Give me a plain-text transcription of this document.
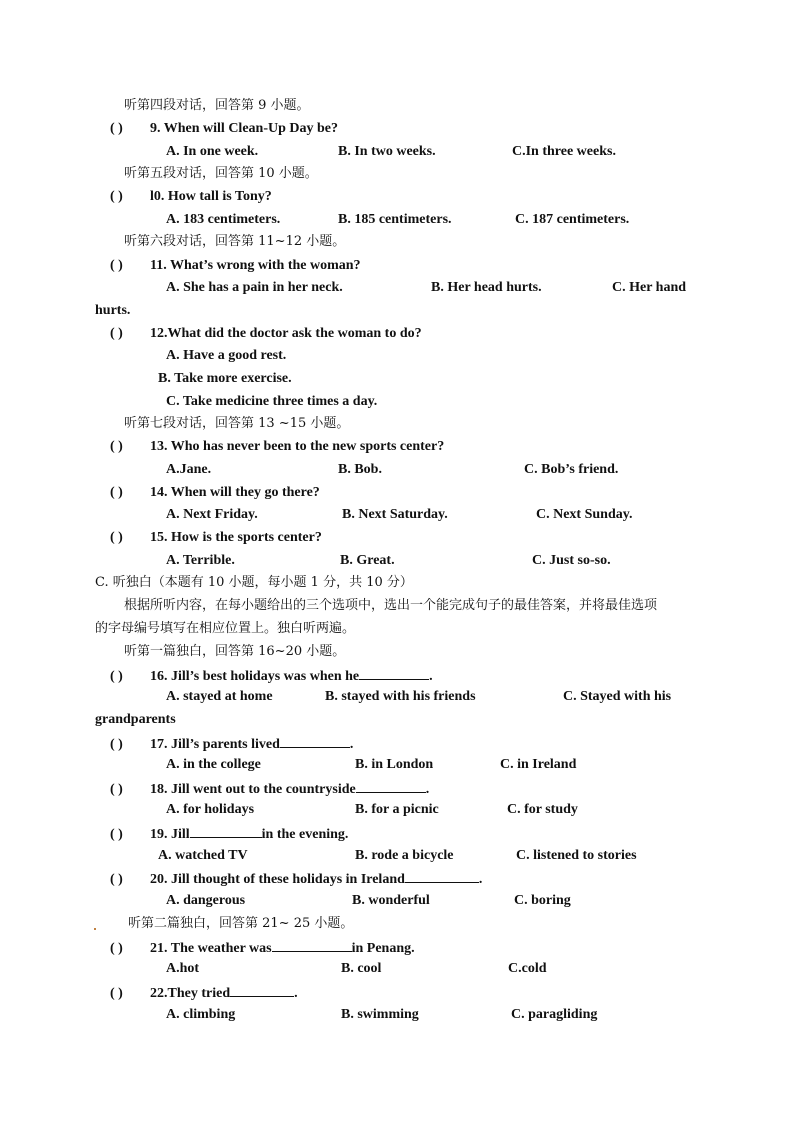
听第四段对话，回答第 9 小题。
( ) 9. When will Clean-Up Day be?
A. In one week.	B. In two weeks.	C.In three weeks.
听第五段对话，回答第 10 小题。
( ) l0. How tall is Tony?
A. 183 centimeters.	B. 185 centimeters.	C. 187 centimeters.
听第六段对话，回答第 11~12 小题。
( ) 11. What’s wrong with the woman?
A. She has a pain in her neck.	B. Her head hurts.	C. Her hand
hurts.
( ) 12.What did the doctor ask the woman to do?
A. Have a good rest.
B. Take more exercise.
C. Take medicine three times a day.
听第七段对话，回答第 13 ~15 小题。
( ) 13. Who has never been to the new sports center?
A.Jane.	B. Bob.	C. Bob’s friend.
( ) 14. When will they go there?
A. Next Friday.	B. Next Saturday.	C. Next Sunday.
( ) 15. How is the sports center?
A. Terrible.	B. Great.	C. Just so-so.
C. 听独白（本题有 10 小题，每小题 1 分，共 10 分）
根据所听内容，在每小题给出的三个选项中，选出一个能完成句子的最佳答案，并将最佳选项
的字母编号填写在相应位置上。独白听两遍。
听第一篇独白，回答第 16~20 小题。
( ) 16. Jill’s best holidays was when he	.
A. stayed at home	B. stayed with his friends	C. Stayed with his
grandparents
( ) 17. Jill’s parents lived	.
A. in the college	B. in London	C. in Ireland
( ) 18. Jill went out to the countryside	.
A. for holidays	B. for a picnic	C. for study
( ) 19. Jill	in the evening.
A. watched TV	B. rode a bicycle	C. listened to stories
( ) 20. Jill thought of these holidays in Ireland	.
A. dangerous	B. wonderful	C. boring
听第二篇独白，回答第 21~ 25 小题。
( ) 21. The weather was	in Penang.
A.hot	B. cool	C.cold
( ) 22.They tried	.
A. climbing	B. swimming	C. paragliding
